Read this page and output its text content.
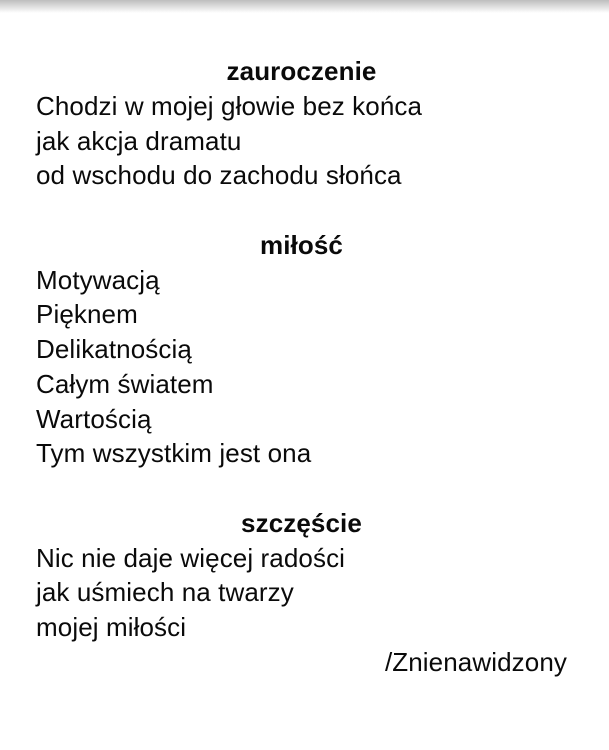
zauroczenie

Chodzi w mojej głowie bez końca

jak akcja dramatu

od wschodu do zachodu słońca

miłość

Motywacją

Pięknem

Delikatnością

Całym światem

Wartością

Tym wszystkim jest ona

szczęście

Nic nie daje więcej radości

jak uśmiech na twarzy

mojej miłości

/Znienawidzony
